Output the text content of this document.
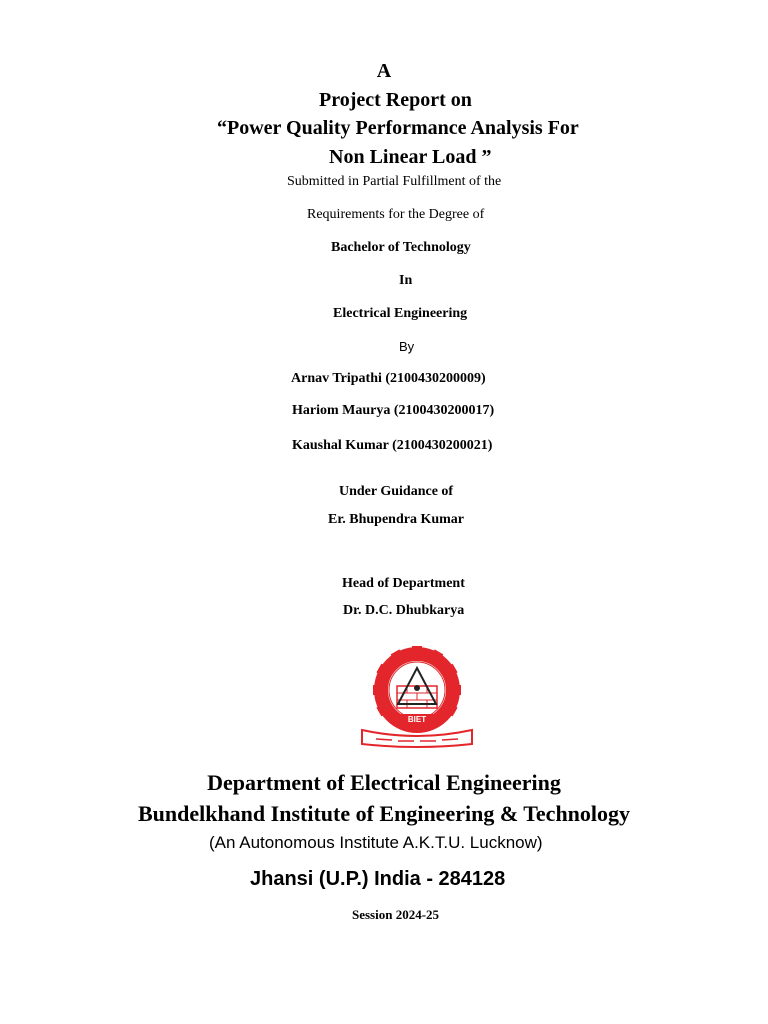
A
Project Report on
“Power Quality Performance Analysis For
Non Linear Load ”
Submitted in Partial Fulfillment of the
Requirements for the Degree of
Bachelor of Technology
In
Electrical Engineering
By
Arnav Tripathi (2100430200009)
Hariom Maurya (2100430200017)
Kaushal Kumar (2100430200021)
Under Guidance of
Er. Bhupendra Kumar
Head of Department
Dr. D.C. Dhubkarya
BIET
Department of Electrical Engineering
Bundelkhand Institute of Engineering & Technology
(An Autonomous Institute A.K.T.U. Lucknow)
Jhansi (U.P.) India - 284128
Session 2024-25
